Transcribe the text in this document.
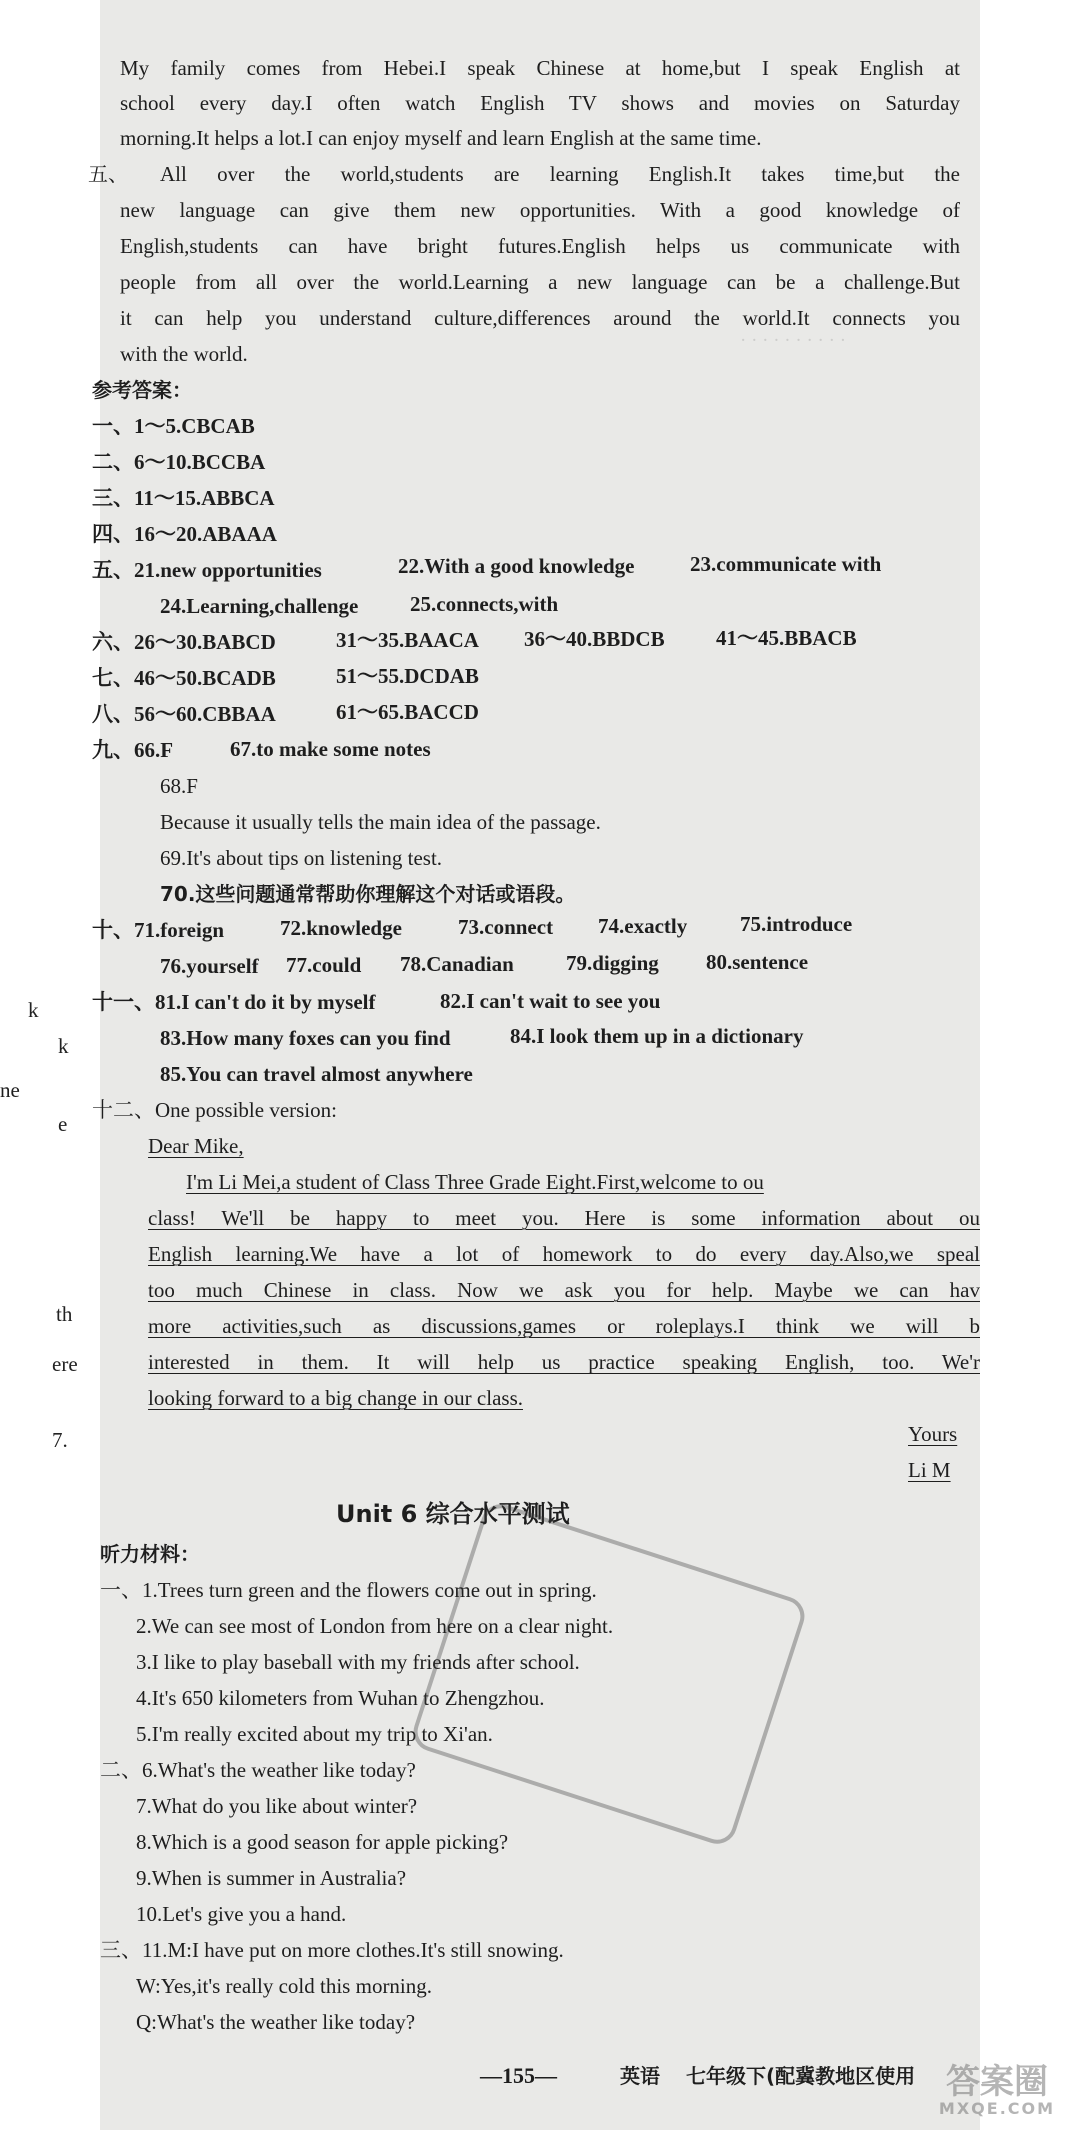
k
k
e
th
ere
7.
· · · · · · · · · ·
My family comes from Hebei.I speak Chinese at home,but I speak English at
school every day.I often watch English TV shows and movies on Saturday
morning.It helps a lot.I can enjoy myself and learn English at the same time.
五、 All over the world,students are learning English.It takes time,but the
new language can give them new opportunities. With a good knowledge of
English,students can have bright futures.English helps us communicate with
people from all over the world.Learning a new language can be a challenge.But
it can help you understand culture,differences around the world.It connects you
with the world.
参考答案：
一、1～5.CBCAB
二、6～10.BCCBA
三、11～15.ABBCA
四、16～20.ABAAA
五、21.new opportunities	22.With a good knowledge	23.communicate with
24.Learning,challenge 25.connects,with
六、26～30.BABCD	31～35.BAACA 36～40.BBDCB 41～45.BBACB
七、46～50.BCADB	51～55.DCDAB
八、56～60.CBBAA	61～65.BACCD
九、66.F	67.to make some notes
68.F
Because it usually tells the main idea of the passage.
69.It's about tips on listening test.
70.这些问题通常帮助你理解这个对话或语段。
十、71.foreign	72.knowledge	73.connect 74.exactly	75.introduce
76.yourself 77.could 78.Canadian 79.digging 80.sentence
十一、81.I can't do it by myself	82.I can't wait to see you
83.How many foxes can you find	84.I look them up in a dictionary
85.You can travel almost anywhere
十二、One possible version:
Dear Mike,
I'm Li Mei,a student of Class Three Grade Eight.First,welcome to ou
class! We'll be happy to meet you. Here is some information about ou
English learning.We have a lot of homework to do every day.Also,we speal
too much Chinese in class. Now we ask you for help. Maybe we can hav
more activities,such as discussions,games or roleplays.I think we will b
interested in them. It will help us practice speaking English, too. We'r
looking forward to a big change in our class.
Yours
Li M
Unit 6 综合水平测试
听力材料：
一、1.Trees turn green and the flowers come out in spring.
2.We can see most of London from here on a clear night.
3.I like to play baseball with my friends after school.
4.It's 650 kilometers from Wuhan to Zhengzhou.
5.I'm really excited about my trip to Xi'an.
二、6.What's the weather like today?
7.What do you like about winter?
8.Which is a good season for apple picking?
9.When is summer in Australia?
10.Let's give you a hand.
三、11.M:I have put on more clothes.It's still snowing.
W:Yes,it's really cold this morning.
Q:What's the weather like today?
—155—	英语 七年级下(配冀教地区使用
ne
答案圈
MXQE.COM
